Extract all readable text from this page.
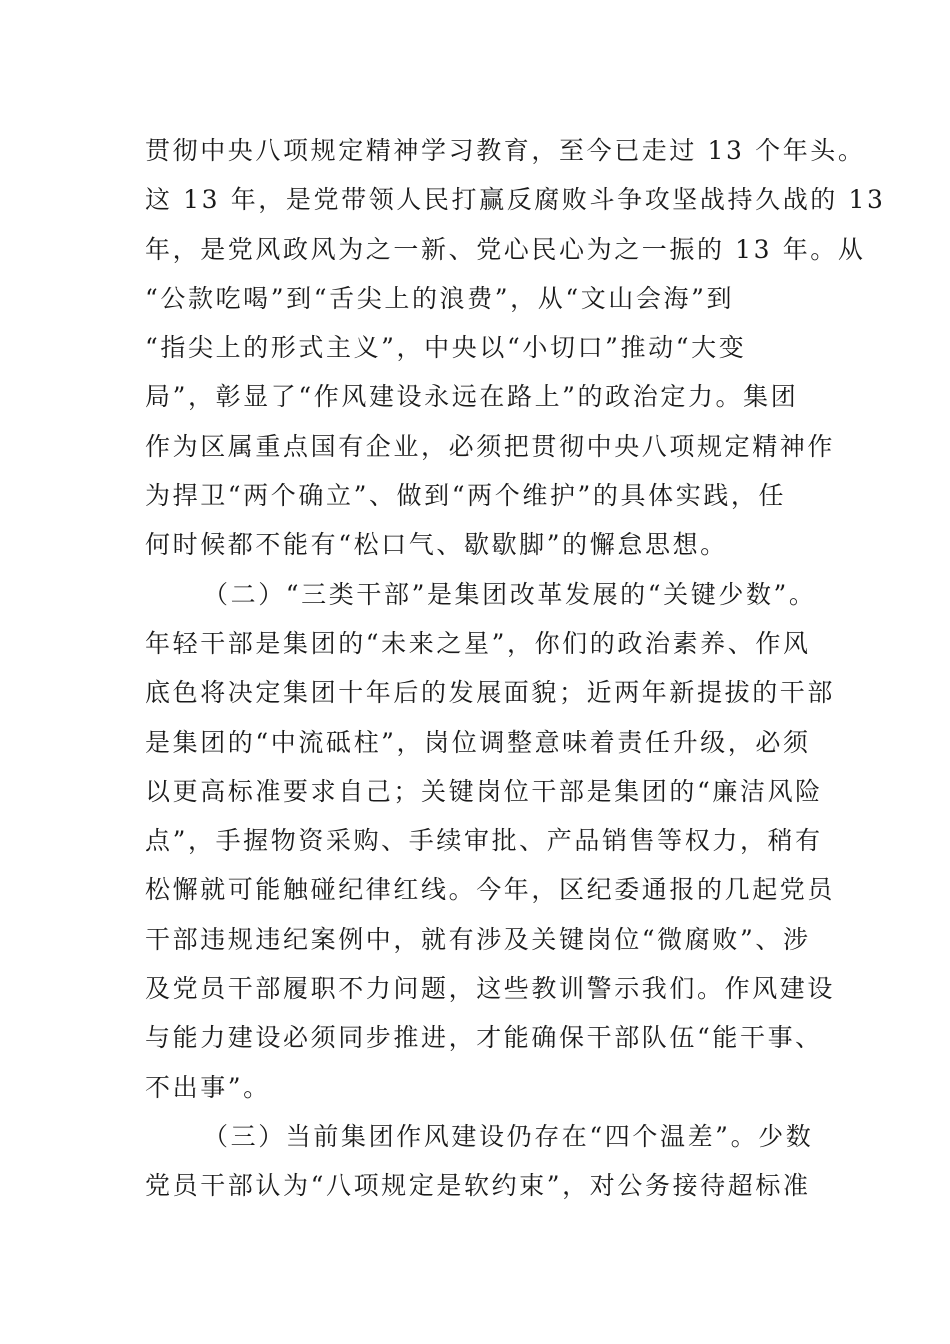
贯彻中央八项规定精神学习教育，至今已走过 13 个年头。
这 13 年，是党带领人民打赢反腐败斗争攻坚战持久战的 13
年，是党风政风为之一新、党心民心为之一振的 13 年。从
“公款吃喝”到“舌尖上的浪费”，从“文山会海”到
“指尖上的形式主义”，中央以“小切口”推动“大变
局”，彰显了“作风建设永远在路上”的政治定力。集团
作为区属重点国有企业，必须把贯彻中央八项规定精神作
为捍卫“两个确立”、做到“两个维护”的具体实践，任
何时候都不能有“松口气、歇歇脚”的懈怠思想。
（二）“三类干部”是集团改革发展的“关键少数”。
年轻干部是集团的“未来之星”，你们的政治素养、作风
底色将决定集团十年后的发展面貌；近两年新提拔的干部
是集团的“中流砥柱”，岗位调整意味着责任升级，必须
以更高标准要求自己；关键岗位干部是集团的“廉洁风险
点”，手握物资采购、手续审批、产品销售等权力，稍有
松懈就可能触碰纪律红线。今年，区纪委通报的几起党员
干部违规违纪案例中，就有涉及关键岗位“微腐败”、涉
及党员干部履职不力问题，这些教训警示我们。作风建设
与能力建设必须同步推进，才能确保干部队伍“能干事、
不出事”。
（三）当前集团作风建设仍存在“四个温差”。少数
党员干部认为“八项规定是软约束”，对公务接待超标准
